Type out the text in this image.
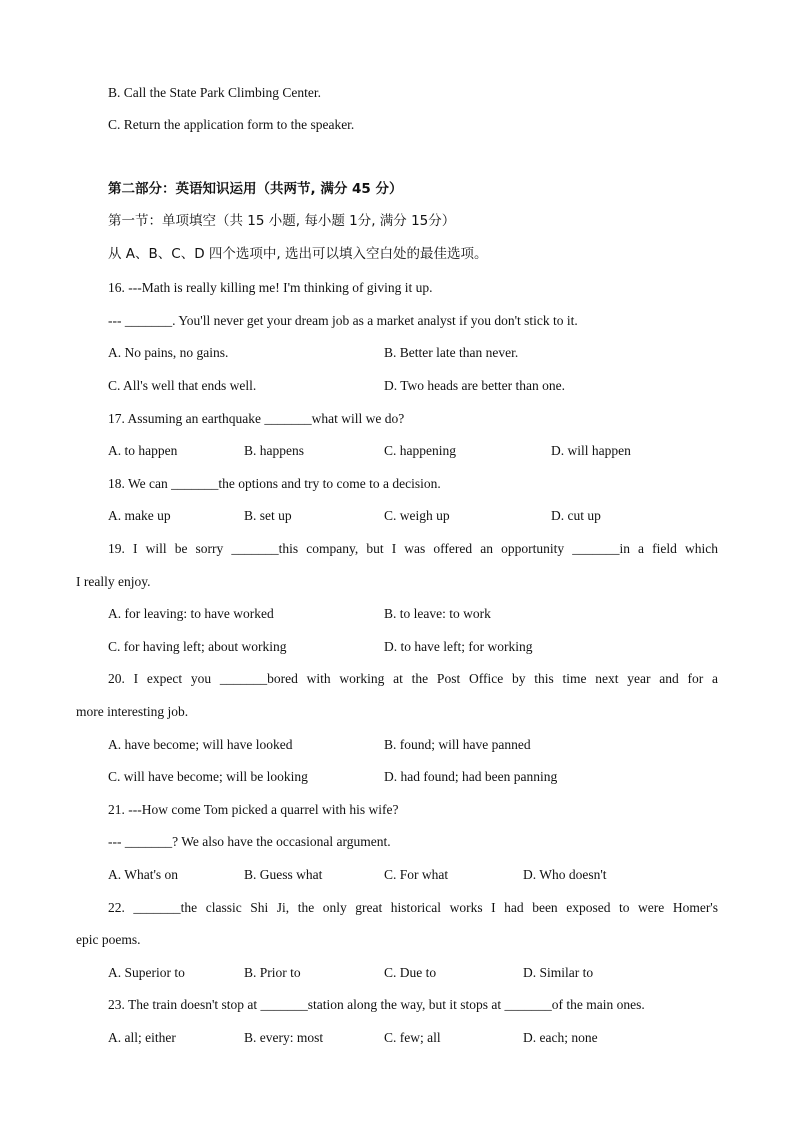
B. Call the State Park Climbing Center.
C. Return the application form to the speaker.
第二部分：英语知识运用（共两节, 满分 45 分）
第一节：单项填空（共 15 小题, 每小题 1分, 满分 15分）
从 A、B、C、D 四个选项中, 选出可以填入空白处的最佳选项。
16. ---Math is really killing me! I'm thinking of giving it up.
--- _______. You'll never get your dream job as a market analyst if you don't stick to it.
A. No pains, no gains.	B. Better late than never.
C. All's well that ends well.	D. Two heads are better than one.
17. Assuming an earthquake _______what will we do?
A. to happen	B. happens	C. happening	D. will happen
18. We can _______the options and try to come to a decision.
A. make up	B. set up	C. weigh up	D. cut up
19. I will be sorry _______this company, but I was offered an opportunity _______in a field which
I really enjoy.
A. for leaving: to have worked	B. to leave: to work
C. for having left; about working	D. to have left; for working
20. I expect you _______bored with working at the Post Office by this time next year and for a
more interesting job.
A. have become; will have looked	B. found; will have panned
C. will have become; will be looking	D. had found; had been panning
21. ---How come Tom picked a quarrel with his wife?
--- _______? We also have the occasional argument.
A. What's on	B. Guess what	C. For what	D. Who doesn't
22. _______the classic Shi Ji, the only great historical works I had been exposed to were Homer's
epic poems.
A. Superior to	B. Prior to	C. Due to	D. Similar to
23. The train doesn't stop at _______station along the way, but it stops at _______of the main ones.
A. all; either	B. every: most	C. few; all	D. each; none
